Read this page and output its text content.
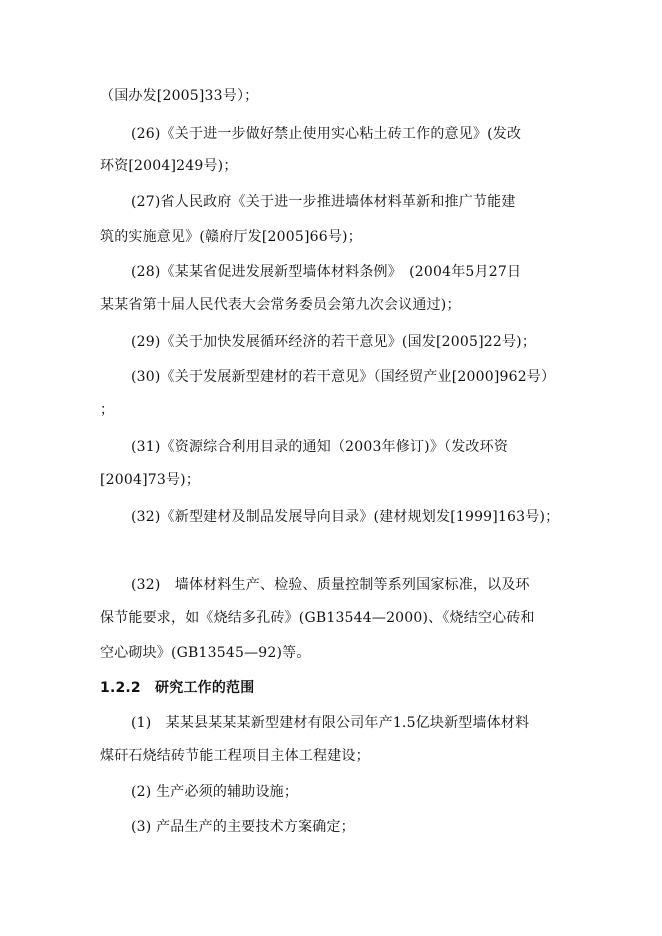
（国办发[2005]33号）；
(26)《关于进一步做好禁止使用实心粘土砖工作的意见》(发改
环资[2004]249号)；
(27)省人民政府《关于进一步推进墙体材料革新和推广节能建
筑的实施意见》(赣府厅发[2005]66号)；
(28)《某某省促进发展新型墙体材料条例》　(2004年5月27日
某某省第十届人民代表大会常务委员会第九次会议通过)；
(29)《关于加快发展循环经济的若干意见》(国发[2005]22号)；
(30)《关于发展新型建材的若干意见》（国经贸产业[2000]962号）
；
(31)《资源综合利用目录的通知（2003年修订)》（发改环资
[2004]73号)；
(32)《新型建材及制品发展导向目录》(建材规划发[1999]163号)；
(32)　墙体材料生产、检验、质量控制等系列国家标准，以及环
保节能要求，如《烧结多孔砖》(GB13544—2000)、《烧结空心砖和
空心砌块》(GB13545—92)等。
1.2.2　研究工作的范围
(1)　某某县某某某新型建材有限公司年产1.5亿块新型墙体材料
煤矸石烧结砖节能工程项目主体工程建设；
(2) 生产必须的辅助设施；
(3) 产品生产的主要技术方案确定；
